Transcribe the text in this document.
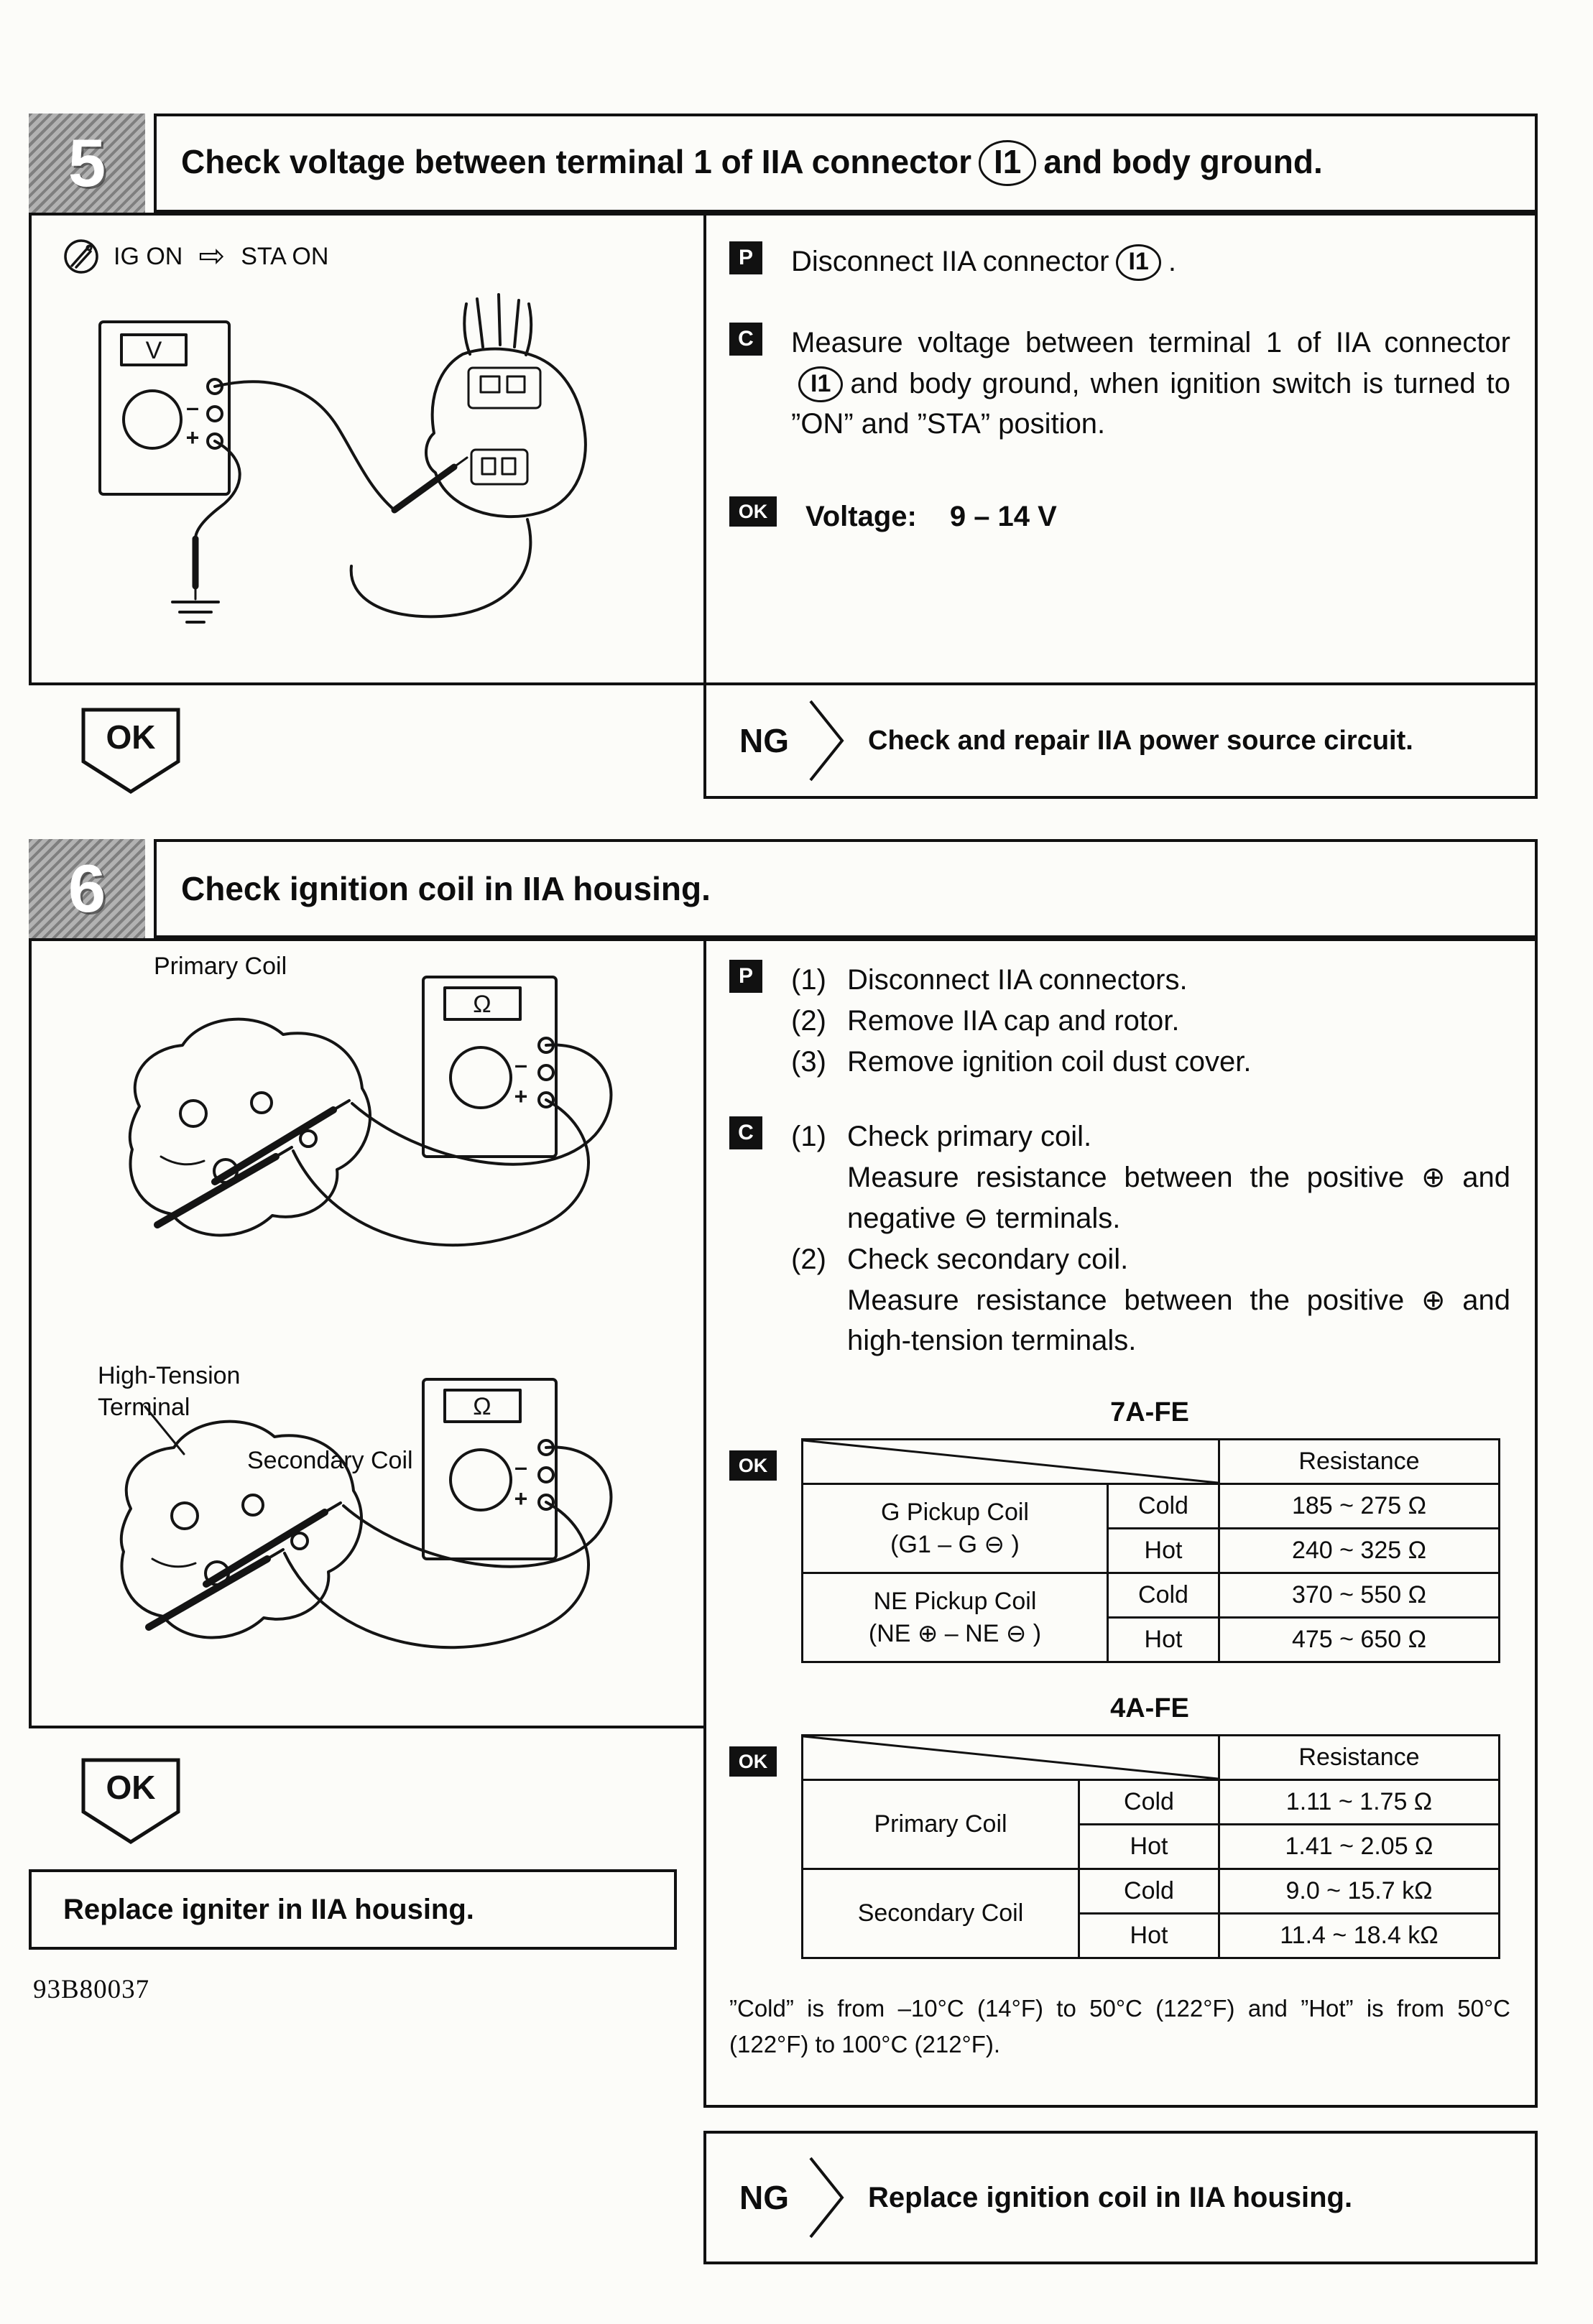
5 Check voltage between terminal 1 of IIA connector I1 and body ground.
IG ON ⇨ STA ON
V
–
+
P	Disconnect IIA connector I1 .

C	Measure voltage between terminal 1 of IIA connectorI1 and body ground, when ignition switch is turned to ”ON” and ”STA” position.

OK	Voltage: 9 – 14 V

OK	NG	Check and repair IIA power source circuit.

6 Check ignition coil in IIA housing.
Primary Coil
High-Tension
Terminal
Secondary Coil
Ω
–
+
P	(1) Disconnect IIA connectors.
(2) Remove IIA cap and rotor.
(3) Remove ignition coil dust cover.
C	(1) Check primary coil.
Measure resistance between the positive ⊕ and negative ⊖ terminals.
(2) Check secondary coil.
Measure resistance between the positive ⊕ and high-tension terminals.
7A-FE
OK
		Resistance

G Pickup Coil
(G1 – G ⊖ )	Cold	185 ~ 275 Ω
	Hot	240 ~ 325 Ω

NE Pickup Coil
(NE ⊕ – NE ⊖ )	Cold	370 ~ 550 Ω
	Hot	475 ~ 650 Ω
4A-FE
OK
		Resistance
Primary Coil	Cold	1.11 ~ 1.75 Ω
	Hot	1.41 ~ 2.05 Ω
Secondary Coil	Cold	9.0 ~ 15.7 kΩ
	Hot	11.4 ~ 18.4 kΩ

”Cold” is from –10°C (14°F) to 50°C (122°F) and ”Hot” is from 50°C (122°F) to 100°C (212°F).

OK
Replace igniter in IIA housing.
93B80037
NG	Replace ignition coil in IIA housing.
